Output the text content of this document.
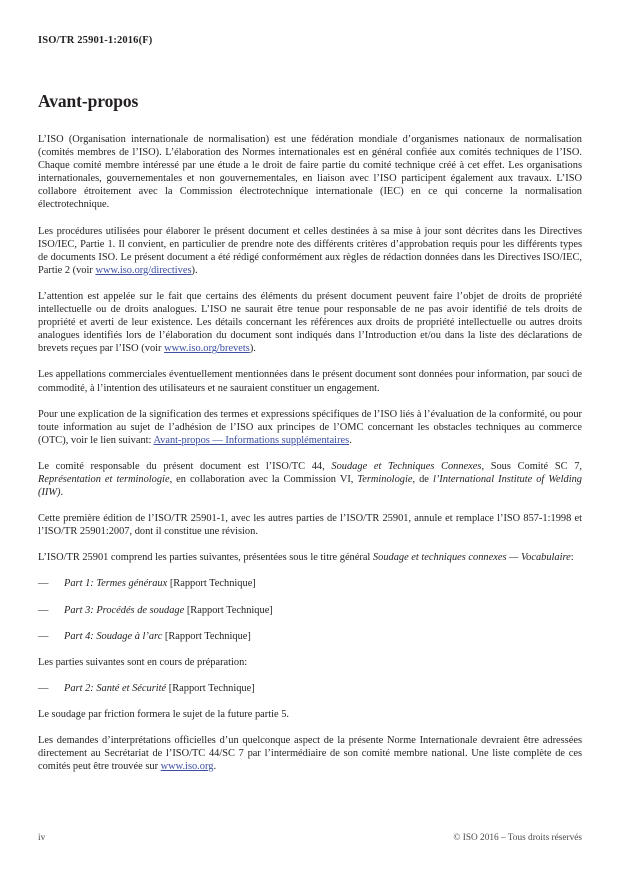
ISO/TR 25901-1:2016(F)
Avant-propos

L’ISO (Organisation internationale de normalisation) est une fédération mondiale d’organismes nationaux de normalisation (comités membres de l’ISO). L’élaboration des Normes internationales est en général confiée aux comités techniques de l’ISO. Chaque comité membre intéressé par une étude a le droit de faire partie du comité technique créé à cet effet. Les organisations internationales, gouvernementales et non gouvernementales, en liaison avec l’ISO participent également aux travaux. L’ISO collabore étroitement avec la Commission électrotechnique internationale (IEC) en ce qui concerne la normalisation électrotechnique.

Les procédures utilisées pour élaborer le présent document et celles destinées à sa mise à jour sont décrites dans les Directives ISO/IEC, Partie 1. Il convient, en particulier de prendre note des différents critères d’approbation requis pour les différents types de documents ISO. Le présent document a été rédigé conformément aux règles de rédaction données dans les Directives ISO/IEC, Partie 2 (voir www.iso.org/directives).

L’attention est appelée sur le fait que certains des éléments du présent document peuvent faire l’objet de droits de propriété intellectuelle ou de droits analogues. L’ISO ne saurait être tenue pour responsable de ne pas avoir identifié de tels droits de propriété et averti de leur existence. Les détails concernant les références aux droits de propriété intellectuelle ou autres droits analogues identifiés lors de l’élaboration du document sont indiqués dans l’Introduction et/ou dans la liste des déclarations de brevets reçues par l’ISO (voir www.iso.org/brevets).

Les appellations commerciales éventuellement mentionnées dans le présent document sont données pour information, par souci de commodité, à l’intention des utilisateurs et ne sauraient constituer un engagement.

Pour une explication de la signification des termes et expressions spécifiques de l’ISO liés à l’évaluation de la conformité, ou pour toute information au sujet de l’adhésion de l’ISO aux principes de l’OMC concernant les obstacles techniques au commerce (OTC), voir le lien suivant: Avant-propos — Informations supplémentaires.

Le comité responsable du présent document est l’ISO/TC 44, Soudage et Techniques Connexes, Sous Comité SC 7, Représentation et terminologie, en collaboration avec la Commission VI, Terminologie, de l’International Institute of Welding (IIW).

Cette première édition de l’ISO/TR 25901-1, avec les autres parties de l’ISO/TR 25901, annule et remplace l’ISO 857-1:1998 et l’ISO/TR 25901:2007, dont il constitue une révision.

L’ISO/TR 25901 comprend les parties suivantes, présentées sous le titre général Soudage et techniques connexes — Vocabulaire:

— Part 1: Termes généraux [Rapport Technique]

— Part 3: Procédés de soudage [Rapport Technique]

— Part 4: Soudage à l’arc [Rapport Technique]

Les parties suivantes sont en cours de préparation:

— Part 2: Santé et Sécurité [Rapport Technique]

Le soudage par friction formera le sujet de la future partie 5.

Les demandes d’interprétations officielles d’un quelconque aspect de la présente Norme Internationale devraient être adressées directement au Secrétariat de l’ISO/TC 44/SC 7 par l’intermédiaire de son comité membre national. Une liste complète de ces comités peut être trouvée sur www.iso.org.

iv	© ISO 2016 – Tous droits réservés
